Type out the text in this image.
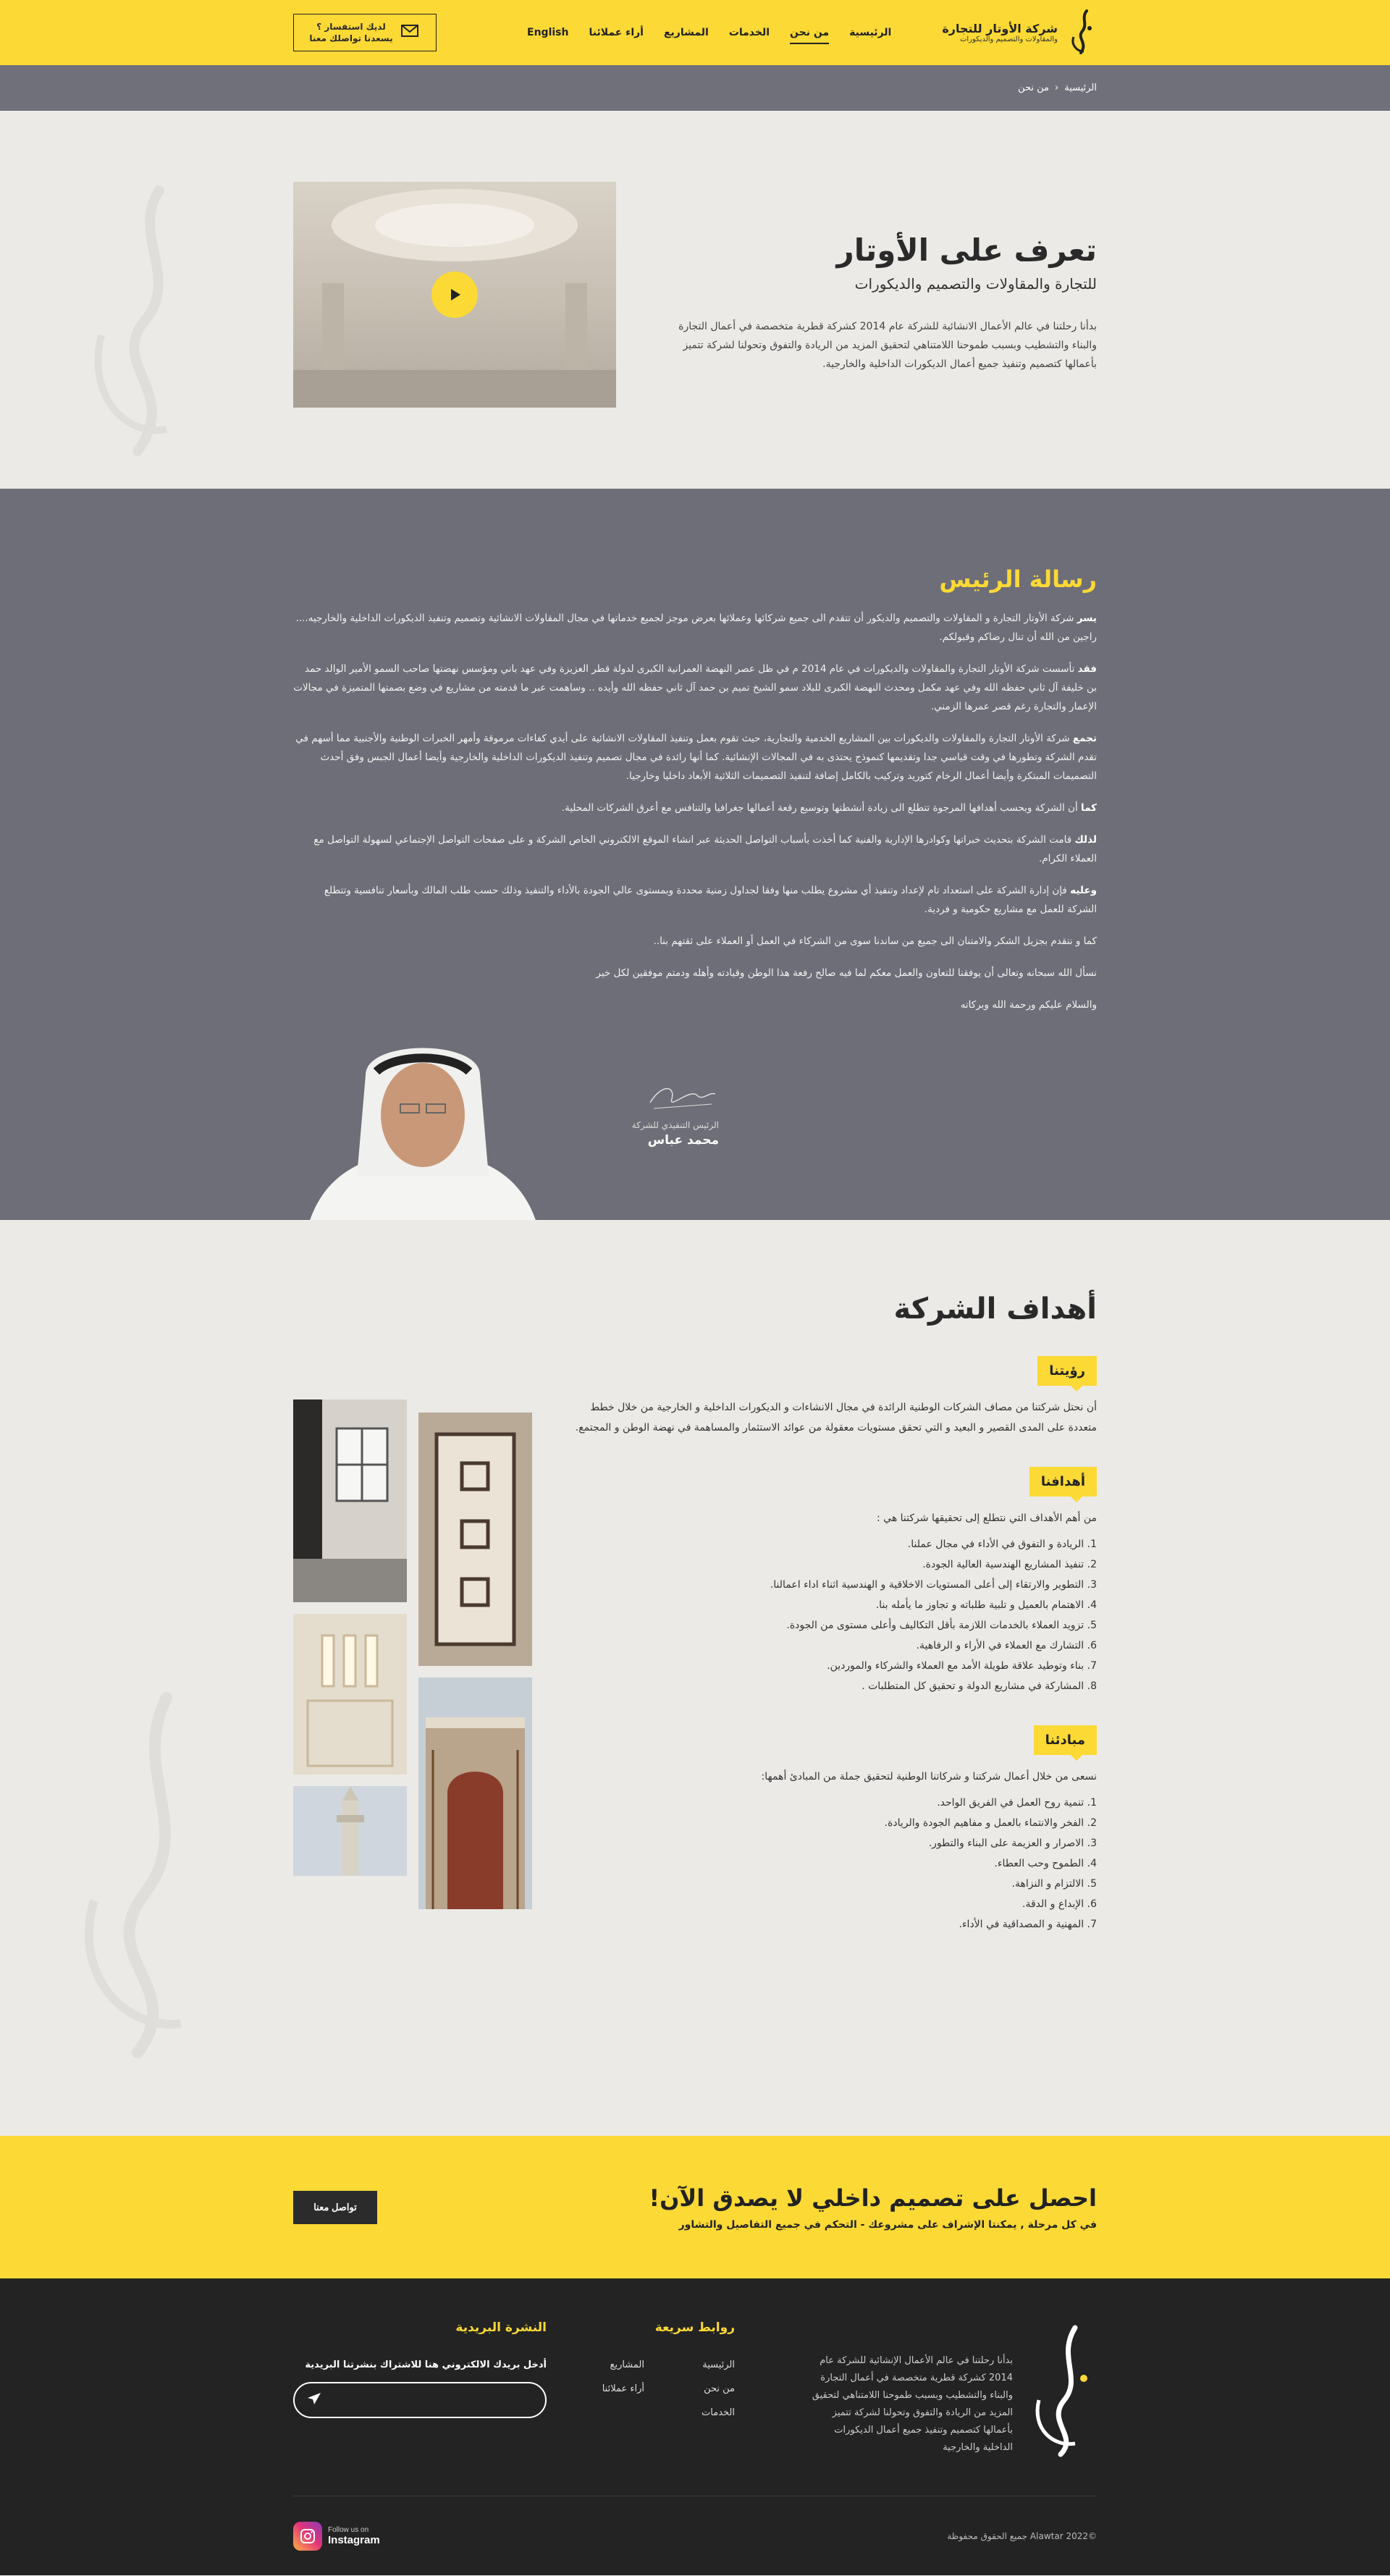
شركة الأوتار للتجارة
والمقاولات والتصميم والديكورات
الرئيسية
من نحن
الخدمات
المشاريع
أراء عملائنا
English
لديك استفسار ؟
يسعدنا تواصلك معنا
الرئيسية
‹
من نحن
تعرف على الأوتار
للتجارة والمقاولات والتصميم والديكورات

بدأنا رحلتنا في عالم الأعمال الانشائية للشركة عام 2014 كشركة قطرية متخصصة في أعمال التجارة والبناء والتشطيب وبسبب طموحنا اللامتناهي لتحقيق المزيد من الريادة والتفوق وتحولنا لشركة تتميز بأعمالها كتصميم وتنفيذ جميع أعمال الديكورات الداخلية والخارجية.

رسالة الرئيس

يسر شركة الأوتار التجارة و المقاولات والتصميم والديكور أن تتقدم الى جميع شركائها وعملائها بعرض موجز لجميع خدماتها في مجال المقاولات الانشائية وتصميم وتنفيذ الديكورات الداخلية والخارجيه.... راجين من الله أن تنال رضاكم وقبولكم.

فقد تأسست شركة الأوتار التجارة والمقاولات والديكورات في عام 2014 م في ظل عصر النهضة العمرانية الكبرى لدولة قطر العزيزة وفي عهد باني ومؤسس نهضتها صاحب السمو الأمير الوالد حمد بن خليفة آل ثاني حفظه الله وفي عهد مكمل ومحدث النهضة الكبرى للبلاد سمو الشيخ تميم بن حمد آل ثاني حفظه الله وأيده .. وساهمت عبر ما قدمته من مشاريع في وضع بصمتها المتميزة في مجالات الإعمار والتجارة رغم قصر عمرها الزمني.

تجمع شركة الأوتار التجارة والمقاولات والديكورات بين المشاريع الخدمية والتجارية، حيث تقوم بعمل وتنفيذ المقاولات الانشائية على أيدي كفاءات مرموقة وأمهر الخبرات الوطنية والأجنبية مما أسهم في تقدم الشركة وتطورها في وقت قياسي جدا وتقديمها كنموذج يحتذى به في المجالات الإنشائية. كما أنها رائدة في مجال تصميم وتنفيذ الديكورات الداخلية والخارجية وأيضا أعمال الجبس وفق أحدث التصميمات المبتكرة وأيضا أعمال الرخام كتوريد وتركيب بالكامل إضافة لتنفيذ التصميمات الثلاثية الأبعاد داخليا وخارجيا.

كما أن الشركة وبحسب أهدافها المرجوة تتطلع الى زيادة أنشطتها وتوسيع رقعة أعمالها جغرافيا والتنافس مع أعرق الشركات المحلية.

لذلك قامت الشركة بتحديث خبراتها وكوادرها الإدارية والفنية كما أخذت بأسباب التواصل الحديثة عبر انشاء الموقع الالكتروني الخاص الشركة و على صفحات التواصل الإجتماعي لسهولة التواصل مع العملاء الكرام.

وعليه فإن إدارة الشركة على استعداد تام لإعداد وتنفيذ أي مشروع يطلب منها وفقا لجداول زمنية محددة وبمستوى عالي الجودة بالأداء والتنفيذ وذلك حسب طلب المالك وبأسعار تنافسية وتتطلع الشركة للعمل مع مشاريع حكومية و فردية.

كما و نتقدم بجزيل الشكر والامتنان الى جميع من ساندنا سوى من الشركاء في العمل أو العملاء على ثقتهم بنا..

نسأل الله سبحانه وتعالى أن يوفقنا للتعاون والعمل معكم لما فيه صالح رفعة هذا الوطن وقيادته وأهله ودمتم موفقين لكل خير

والسلام عليكم ورحمة الله وبركاته

الرئيس التنفيذي للشركة
محمد عباس
أهداف الشركة
رؤيتنا

أن نحتل شركتنا من مصاف الشركات الوطنية الرائدة في مجال الانشاءات و الديكورات الداخلية و الخارجية من خلال خطط متعددة على المدى القصير و البعيد و التي تحقق مستويات معقولة من عوائد الاستثمار والمساهمة في نهضة الوطن و المجتمع.

أهدافنا

من أهم الأهداف التي نتطلع إلى تحقيقها شركتنا هي :

1. الريادة و التفوق في الأداء في مجال عملنا.
2. تنفيذ المشاريع الهندسية العالية الجودة.
3. التطوير والارتقاء إلى أعلى المستويات الاخلاقية و الهندسية اثناء اداء اعمالنا.
4. الاهتمام بالعميل و تلبية طلباته و تجاوز ما يأمله بنا.
5. تزويد العملاء بالخدمات اللازمة بأقل التكاليف وأعلى مستوى من الجودة.
6. التشارك مع العملاء في الأراء و الرفاهية.
7. بناء وتوطيد علاقة طويلة الأمد مع العملاء والشركاء والموردين.
8. المشاركة في مشاريع الدولة و تحقيق كل المتطلبات .
مبادئنا

نسعى من خلال أعمال شركتنا و شركاتنا الوطنية لتحقيق جملة من المبادئ أهمها:

1. تنمية روح العمل في الفريق الواحد.
2. الفخر والانتماء بالعمل و مفاهيم الجودة والريادة.
3. الاصرار و العزيمة على البناء والتطور.
4. الطموح وحب العطاء.
5. الالتزام و النزاهة.
6. الإبداع و الدقة.
7. المهنية و المصداقية في الأداء.
احصل على تصميم داخلي لا يصدق الآن!

في كل مرحلة , يمكنتا الإشراف على مشروعك - التحكم في جميع التفاصيل والتشاور

تواصل معنا

بدأنا رحلتنا في عالم الأعمال الإنشائية للشركة عام 2014 كشركة قطرية متخصصة في أعمال التجارة والبناء والتشطيب وبسبب طموحنا اللامتناهي لتحقيق المزيد من الريادة والتفوق وتحولنا لشركة تتميز بأعمالها كتصميم وتنفيذ جميع أعمال الديكورات الداخلية والخارجية

روابط سريعة
الرئيسية
المشاريع
من نحن
أراء عملائنا
الخدمات
النشرة البريدية
أدخل بريدك الالكتروني هنا للاشتراك بنشرتنا البريدية
©2022 Alawtar جميع الحقوق محفوظة
Follow us on
Instagram
